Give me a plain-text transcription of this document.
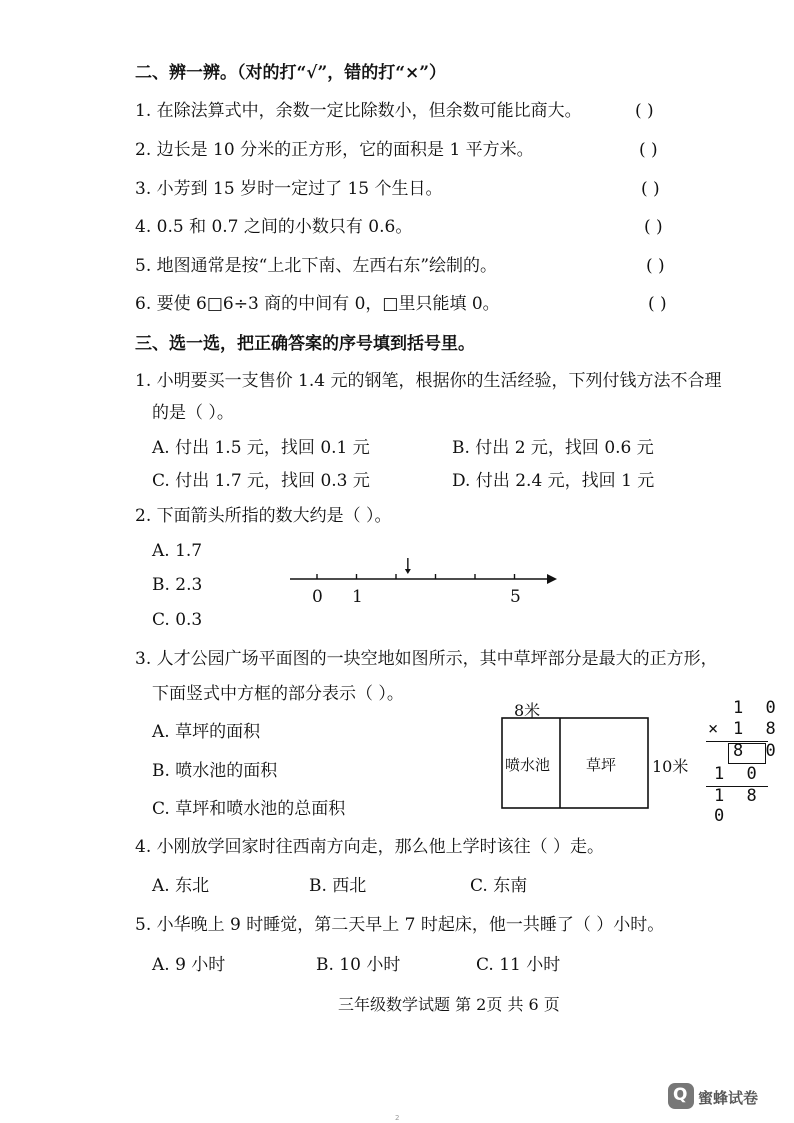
二、辨一辨。（对的打“√”，错的打“×”）
1. 在除法算式中，余数一定比除数小，但余数可能比商大。	( )
2. 边长是 10 分米的正方形，它的面积是 1 平方米。	( )
3. 小芳到 15 岁时一定过了 15 个生日。	( )
4. 0.5 和 0.7 之间的小数只有 0.6。	( )
5. 地图通常是按“上北下南、左西右东”绘制的。	( )
6. 要使 6□6÷3 商的中间有 0，□里只能填 0。	( )
三、选一选，把正确答案的序号填到括号里。
1. 小明要买一支售价 1.4 元的钢笔，根据你的生活经验，下列付钱方法不合理
的是（ ）。
A. 付出 1.5 元，找回 0.1 元	B. 付出 2 元，找回 0.6 元
C. 付出 1.7 元，找回 0.3 元	D. 付出 2.4 元，找回 1 元
2. 下面箭头所指的数大约是（ ）。
A. 1.7
B. 2.3
C. 0.3
0 1	5
3. 人才公园广场平面图的一块空地如图所示，其中草坪部分是最大的正方形，
下面竖式中方框的部分表示（ ）。
A. 草坪的面积
B. 喷水池的面积
C. 草坪和喷水池的总面积
8米
喷水池 草坪 10米
1 0
× 1 8
8 0
1 0
1 8 0
4. 小刚放学回家时往西南方向走，那么他上学时该往（ ）走。
A. 东北	B. 西北	C. 东南
5. 小华晚上 9 时睡觉，第二天早上 7 时起床，他一共睡了（ ）小时。
A. 9 小时	B. 10 小时	C. 11 小时
三年级数学试题 第 2页 共 6 页
2
Q 蜜蜂试卷
